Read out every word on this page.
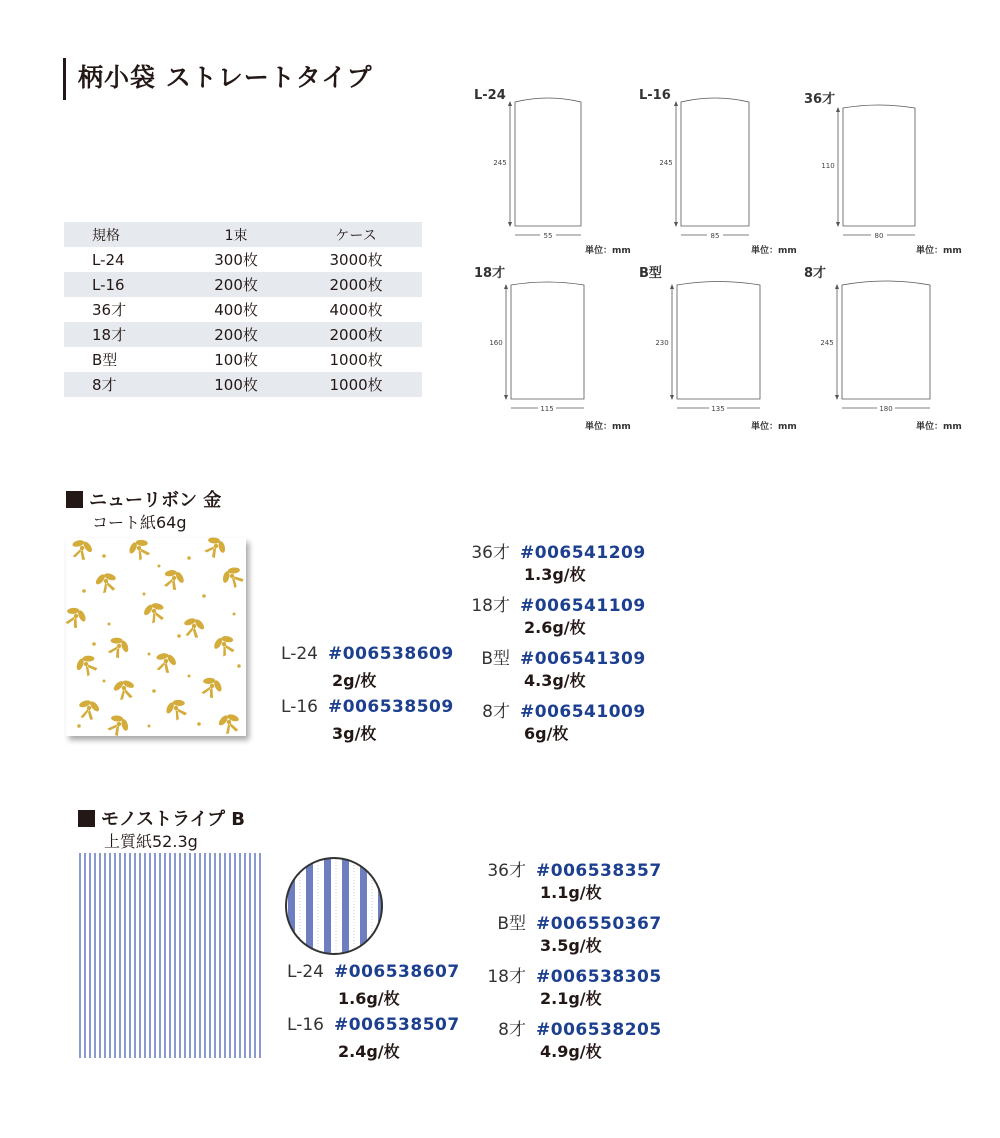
柄小袋 ストレートタイプ
規格	1束	ケース
L-24	300枚	3000枚
L-16	200枚	2000枚
36才	400枚	4000枚
18才	200枚	2000枚
B型	100枚	1000枚
8才	100枚	1000枚
L-24	L-16	36才
18才	B型	8才
245
55
245
85
110
80
160
115
230
135
245
180
単位：mm	単位：mm	単位：mm
単位：mm	単位：mm	単位：mm
ニューリボン 金
コート紙64g
36才 #006541209
1.3g/枚
18才 #006541109
2.6g/枚
L-24 #006538609
2g/枚
B型 #006541309
4.3g/枚
L-16 #006538509
3g/枚
8才 #006541009
6g/枚
モノストライプ B
上質紙52.3g
36才 #006538357
1.1g/枚
B型 #006550367
3.5g/枚
L-24 #006538607
1.6g/枚
18才 #006538305
2.1g/枚
L-16 #006538507
2.4g/枚
8才 #006538205
4.9g/枚
